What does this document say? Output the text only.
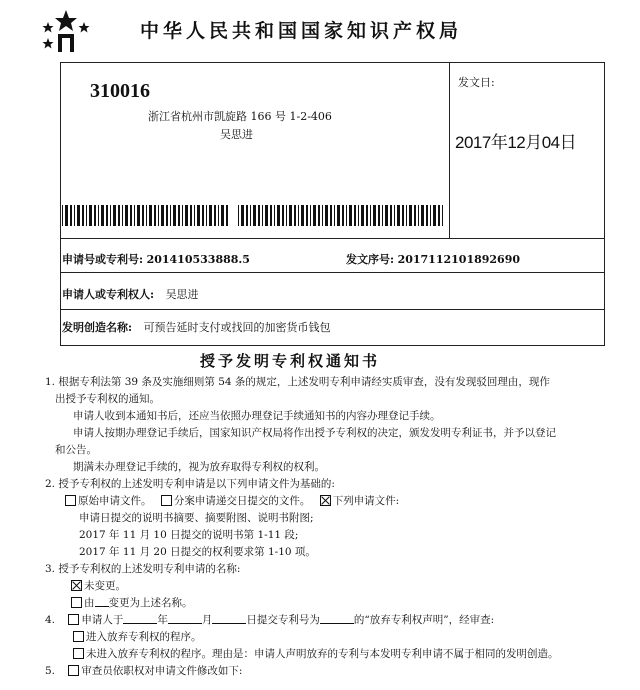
中华人民共和国国家知识产权局
310016
浙江省杭州市凯旋路 166 号 1-2-406
吴思进
发文日:
2017年12月04日
申请号或专利号: 201410533888.5	发文序号: 2017112101892690
申请人或专利权人: 吴思进
发明创造名称: 可预告延时支付或找回的加密货币钱包
授予发明专利权通知书

1. 根据专利法第 39 条及实施细则第 54 条的规定，上述发明专利申请经实质审查，没有发现驳回理由，现作

出授予专利权的通知。

申请人收到本通知书后，还应当依照办理登记手续通知书的内容办理登记手续。

申请人按期办理登记手续后，国家知识产权局将作出授予专利权的决定，颁发发明专利证书，并予以登记

和公告。

期满未办理登记手续的，视为放弃取得专利权的权利。

2. 授予专利权的上述发明专利申请是以下列申请文件为基础的:

原始申请文件。 分案申请递交日提交的文件。 下列申请文件:

申请日提交的说明书摘要、摘要附图、说明书附图;

2017 年 11 月 10 日提交的说明书第 1-11 段;

2017 年 11 月 20 日提交的权利要求第 1-10 项。

3. 授予专利权的上述发明专利申请的名称:

未变更。

由 变更为上述名称。

4.	申请人于	年	月	日提交专利号为	的“放弃专利权声明”，经审查:

进入放弃专利权的程序。

未进入放弃专利权的程序。理由是：申请人声明放弃的专利与本发明专利申请不属于相同的发明创造。

5.	审查员依职权对申请文件修改如下:
